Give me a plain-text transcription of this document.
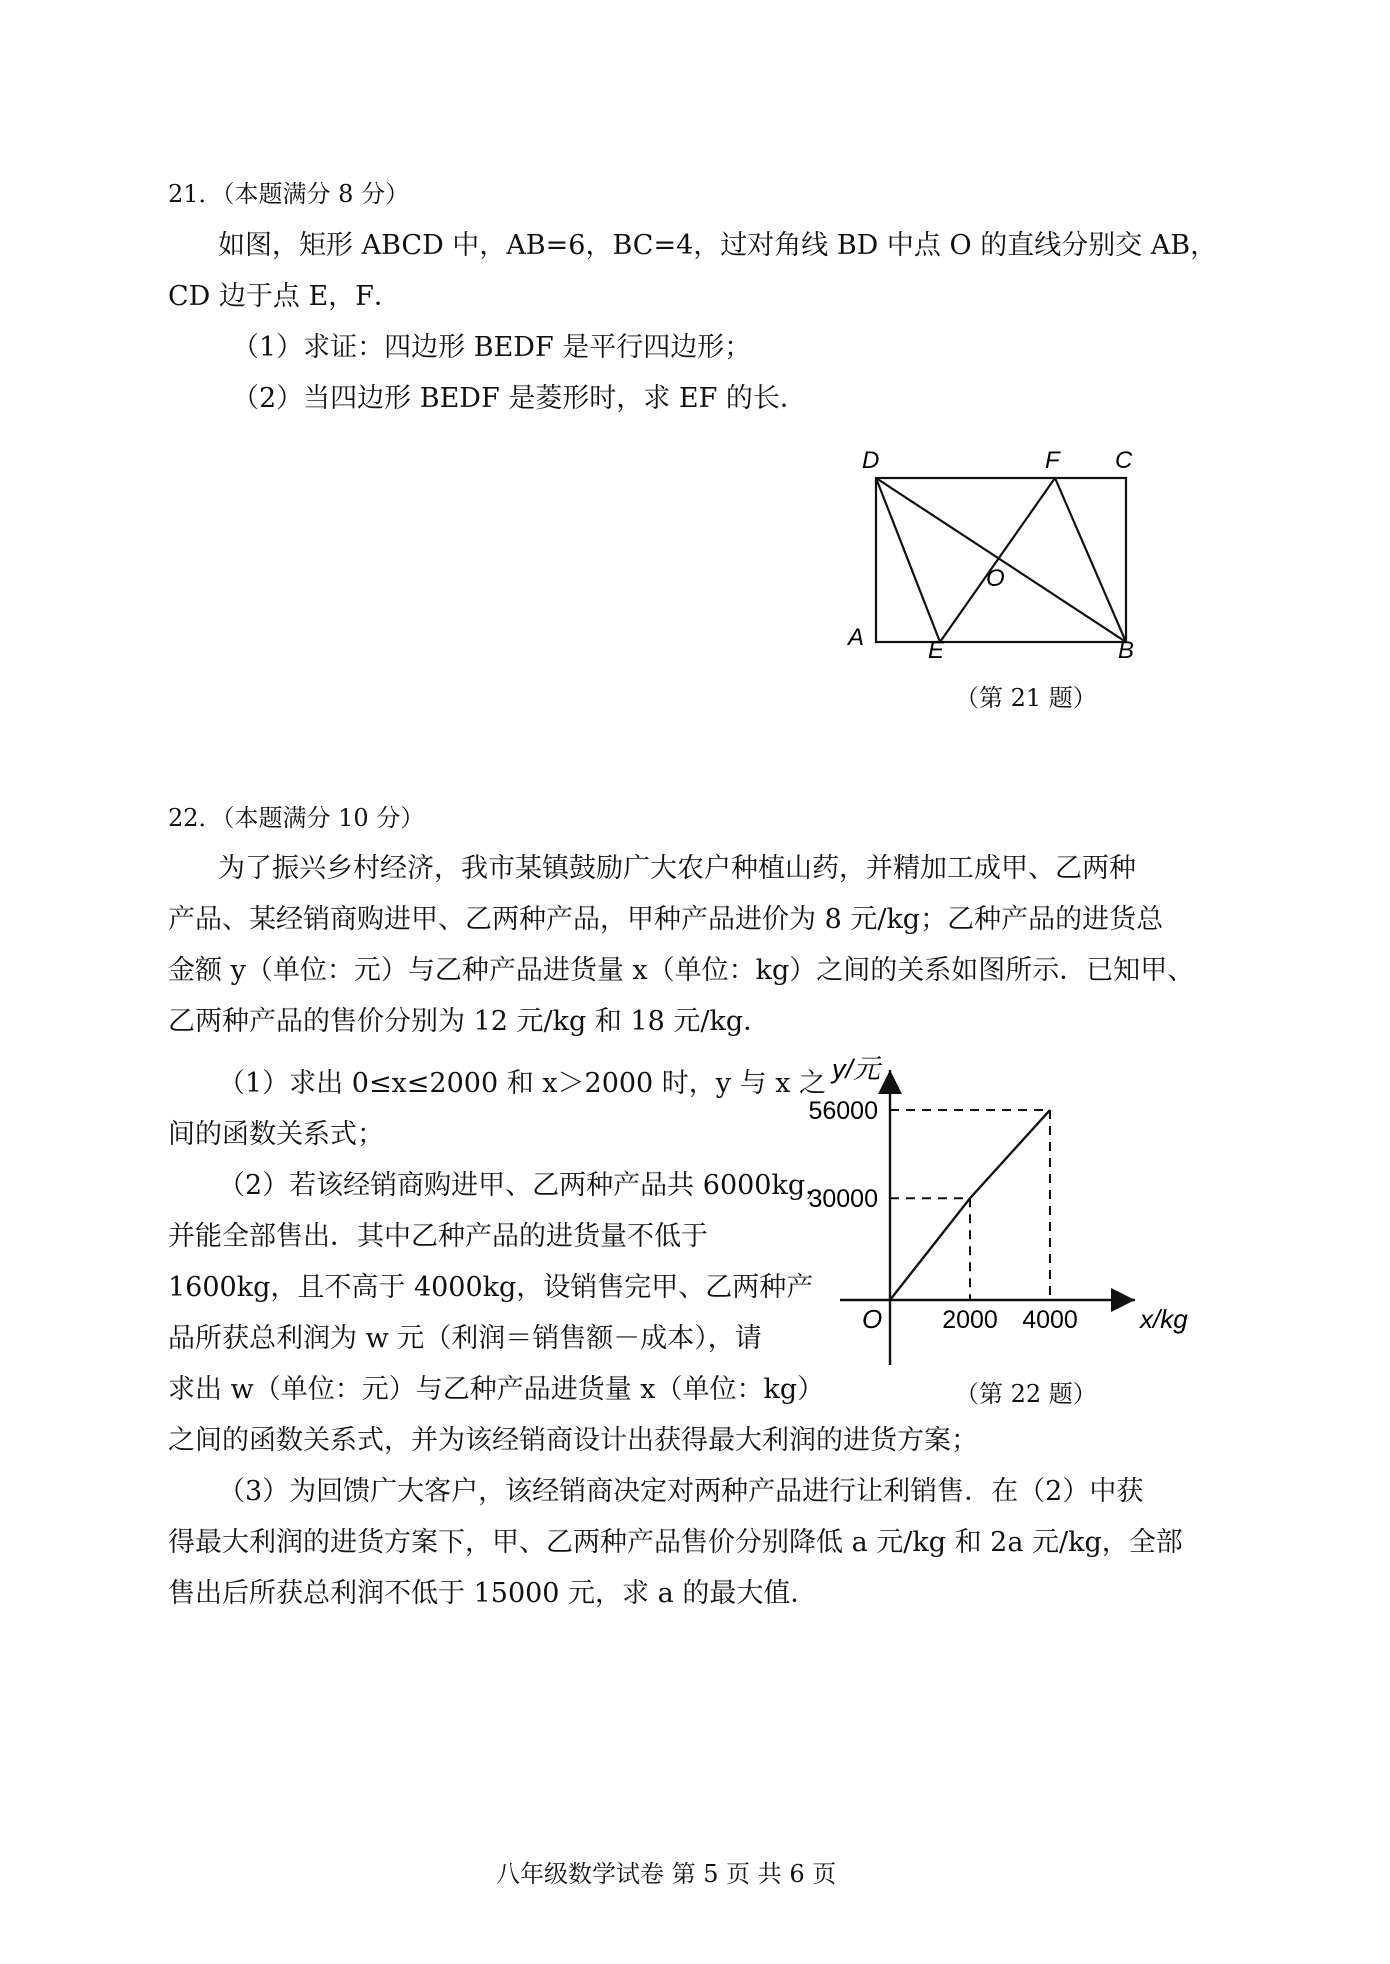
21．（本题满分 8 分）
如图，矩形 ABCD 中，AB=6，BC=4，过对角线 BD 中点 O 的直线分别交 AB，
CD 边于点 E，F．
（1）求证：四边形 BEDF 是平行四边形；
（2）当四边形 BEDF 是菱形时，求 EF 的长．
D	F C
O
A	E	B
（第 21 题）
22．（本题满分 10 分）
为了振兴乡村经济，我市某镇鼓励广大农户种植山药，并精加工成甲、乙两种
产品、某经销商购进甲、乙两种产品，甲种产品进价为 8 元/kg；乙种产品的进货总
金额 y（单位：元）与乙种产品进货量 x（单位：kg）之间的关系如图所示．已知甲、
乙两种产品的售价分别为 12 元/kg 和 18 元/kg．
（1）求出 0≤x≤2000 和 x＞2000 时，y 与 x 之
间的函数关系式；
（2）若该经销商购进甲、乙两种产品共 6000kg，
并能全部售出．其中乙种产品的进货量不低于
1600kg，且不高于 4000kg，设销售完甲、乙两种产
品所获总利润为 w 元（利润＝销售额－成本），请
求出 w（单位：元）与乙种产品进货量 x（单位：kg）
之间的函数关系式，并为该经销商设计出获得最大利润的进货方案；
（3）为回馈广大客户，该经销商决定对两种产品进行让利销售．在（2）中获
得最大利润的进货方案下，甲、乙两种产品售价分别降低 a 元/kg 和 2a 元/kg，全部
售出后所获总利润不低于 15000 元，求 a 的最大值．
30000
56000
2000 4000
y/元
x/kg
O
（第 22 题）
八年级数学试卷 第 5 页 共 6 页
